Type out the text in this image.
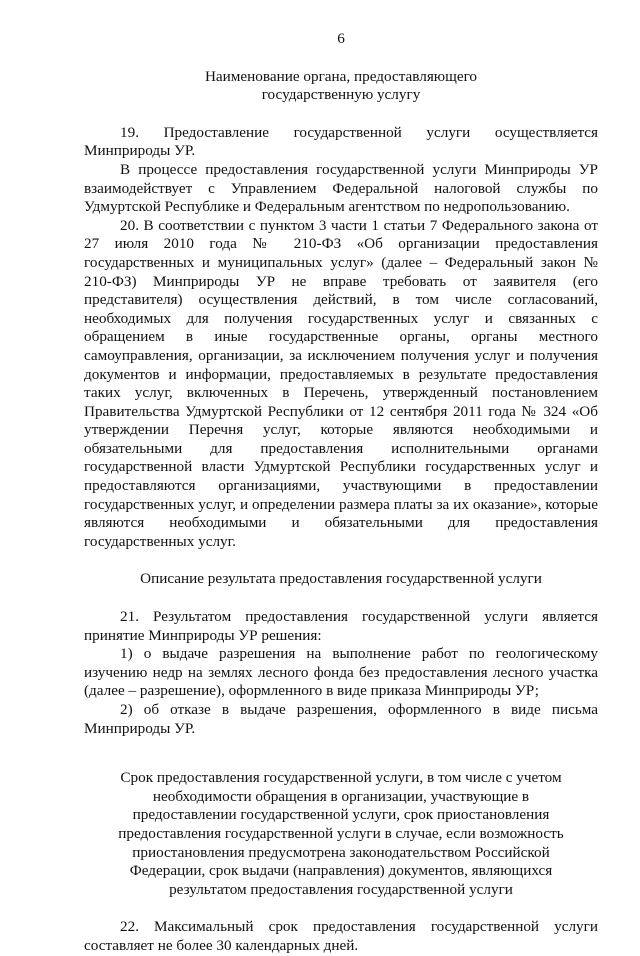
6

Наименование органа, предоставляющего государственную услугу

19. Предоставление государственной услуги осуществляется Минприроды УР.

В процессе предоставления государственной услуги Минприроды УР взаимодействует с Управлением Федеральной налоговой службы по Удмуртской Республике и Федеральным агентством по недропользованию.

20. В соответствии с пунктом 3 части 1 статьи 7 Федерального закона от 27 июля 2010 года № 210-ФЗ «Об организации предоставления государственных и муниципальных услуг» (далее – Федеральный закон № 210-ФЗ) Минприроды УР не вправе требовать от заявителя (его представителя) осуществления действий, в том числе согласований, необходимых для получения государственных услуг и связанных с обращением в иные государственные органы, органы местного самоуправления, организации, за исключением получения услуг и получения документов и информации, предоставляемых в результате предоставления таких услуг, включенных в Перечень, утвержденный постановлением Правительства Удмуртской Республики от 12 сентября 2011 года № 324 «Об утверждении Перечня услуг, которые являются необходимыми и обязательными для предоставления исполнительными органами государственной власти Удмуртской Республики государственных услуг и предоставляются организациями, участвующими в предоставлении государственных услуг, и определении размера платы за их оказание», которые являются необходимыми и обязательными для предоставления государственных услуг.

Описание результата предоставления государственной услуги

21. Результатом предоставления государственной услуги является принятие Минприроды УР решения:

1) о выдаче разрешения на выполнение работ по геологическому изучению недр на землях лесного фонда без предоставления лесного участка (далее – разрешение), оформленного в виде приказа Минприроды УР;

2) об отказе в выдаче разрешения, оформленного в виде письма Минприроды УР.

Срок предоставления государственной услуги, в том числе с учетом необходимости обращения в организации, участвующие в предоставлении государственной услуги, срок приостановления предоставления государственной услуги в случае, если возможность приостановления предусмотрена законодательством Российской Федерации, срок выдачи (направления) документов, являющихся результатом предоставления государственной услуги

22. Максимальный срок предоставления государственной услуги составляет не более 30 календарных дней.
